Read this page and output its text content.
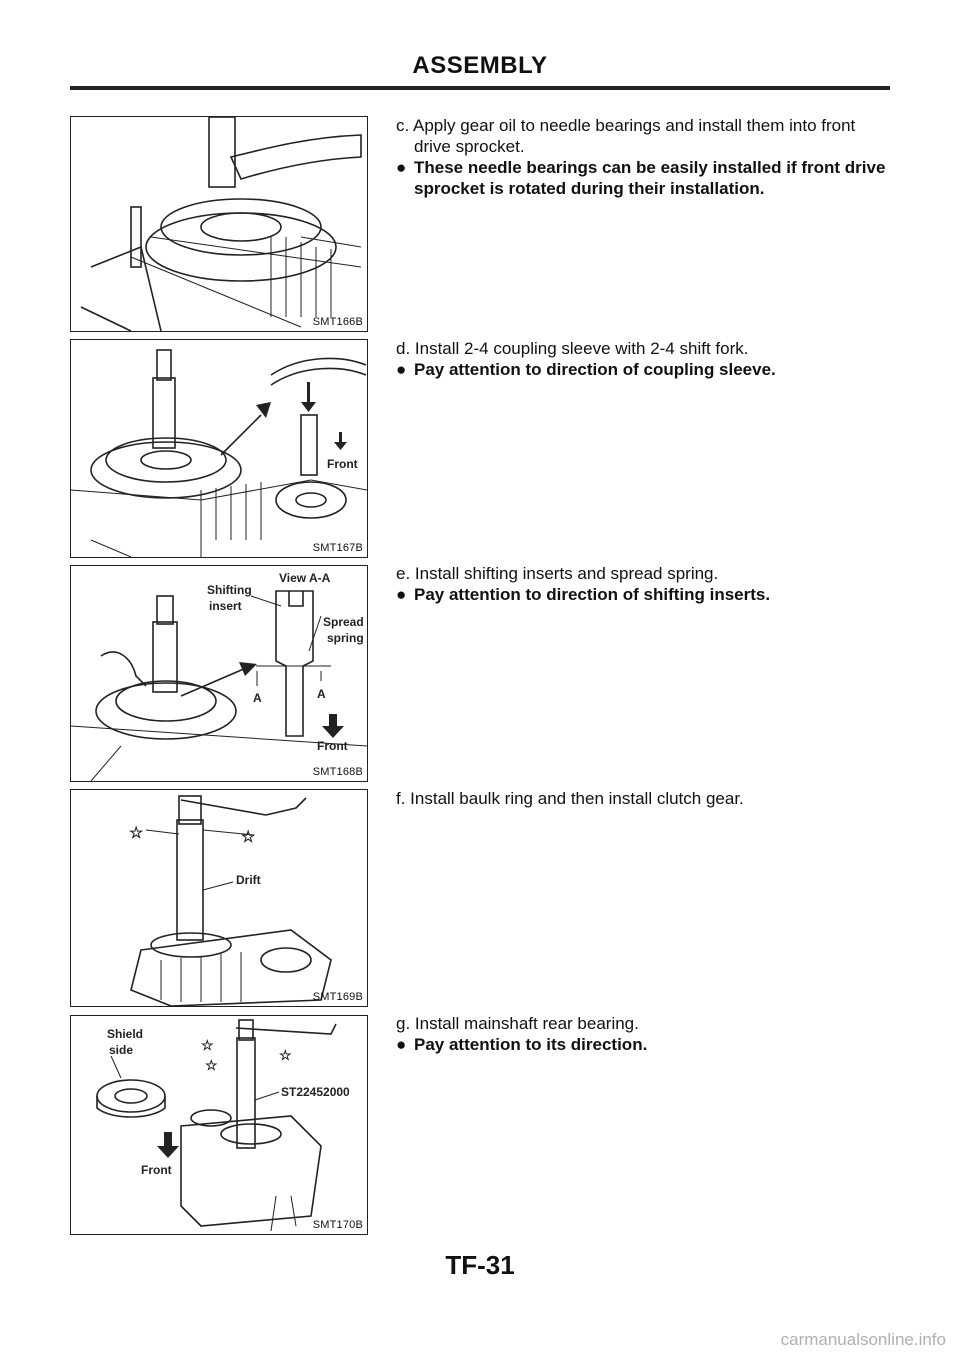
ASSEMBLY
SMT166B
Front
SMT167B
View A-A
Shifting
insert
Spread
spring
A	A
Front
SMT168B
☆	☆
Drift
SMT169B
Shield
side
Front
☆
☆
☆
ST22452000
SMT170B

c. Apply gear oil to needle bearings and install them into front drive sprocket.

● These needle bearings can be easily installed if front drive sprocket is rotated during their installation.

d. Install 2-4 coupling sleeve with 2-4 shift fork.

● Pay attention to direction of coupling sleeve.

e. Install shifting inserts and spread spring.

● Pay attention to direction of shifting inserts.

f. Install baulk ring and then install clutch gear.

g. Install mainshaft rear bearing.

● Pay attention to its direction.

TF-31
carmanualsonline.info
